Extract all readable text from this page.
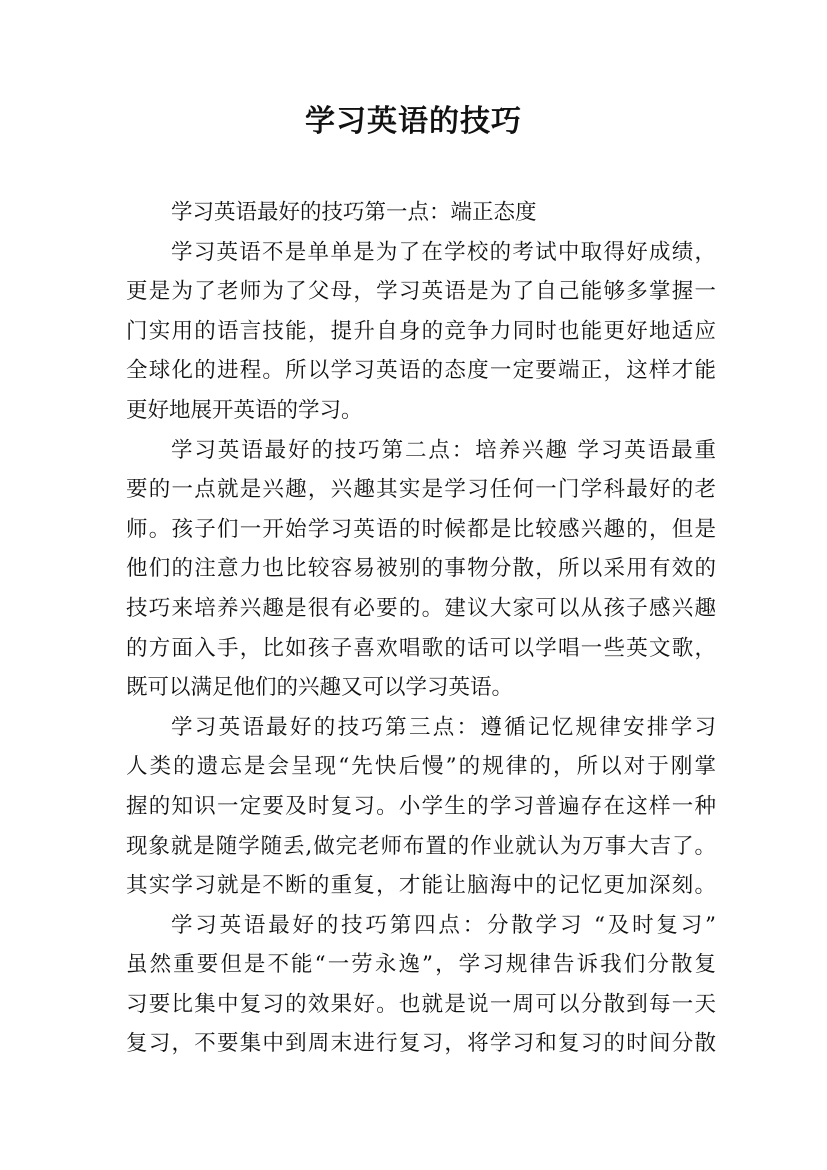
学习英语的技巧
学习英语最好的技巧第一点：端正态度
学习英语不是单单是为了在学校的考试中取得好成绩，
更是为了老师为了父母，学习英语是为了自己能够多掌握一
门实用的语言技能，提升自身的竞争力同时也能更好地适应
全球化的进程。所以学习英语的态度一定要端正，这样才能
更好地展开英语的学习。
学习英语最好的技巧第二点：培养兴趣 学习英语最重
要的一点就是兴趣，兴趣其实是学习任何一门学科最好的老
师。孩子们一开始学习英语的时候都是比较感兴趣的，但是
他们的注意力也比较容易被别的事物分散，所以采用有效的
技巧来培养兴趣是很有必要的。建议大家可以从孩子感兴趣
的方面入手，比如孩子喜欢唱歌的话可以学唱一些英文歌，
既可以满足他们的兴趣又可以学习英语。
学习英语最好的技巧第三点：遵循记忆规律安排学习
人类的遗忘是会呈现“先快后慢”的规律的，所以对于刚掌
握的知识一定要及时复习。小学生的学习普遍存在这样一种
现象就是随学随丢,做完老师布置的作业就认为万事大吉了。
其实学习就是不断的重复，才能让脑海中的记忆更加深刻。
学习英语最好的技巧第四点：分散学习 “及时复习”
虽然重要但是不能“一劳永逸”，学习规律告诉我们分散复
习要比集中复习的效果好。也就是说一周可以分散到每一天
复习，不要集中到周末进行复习，将学习和复习的时间分散
